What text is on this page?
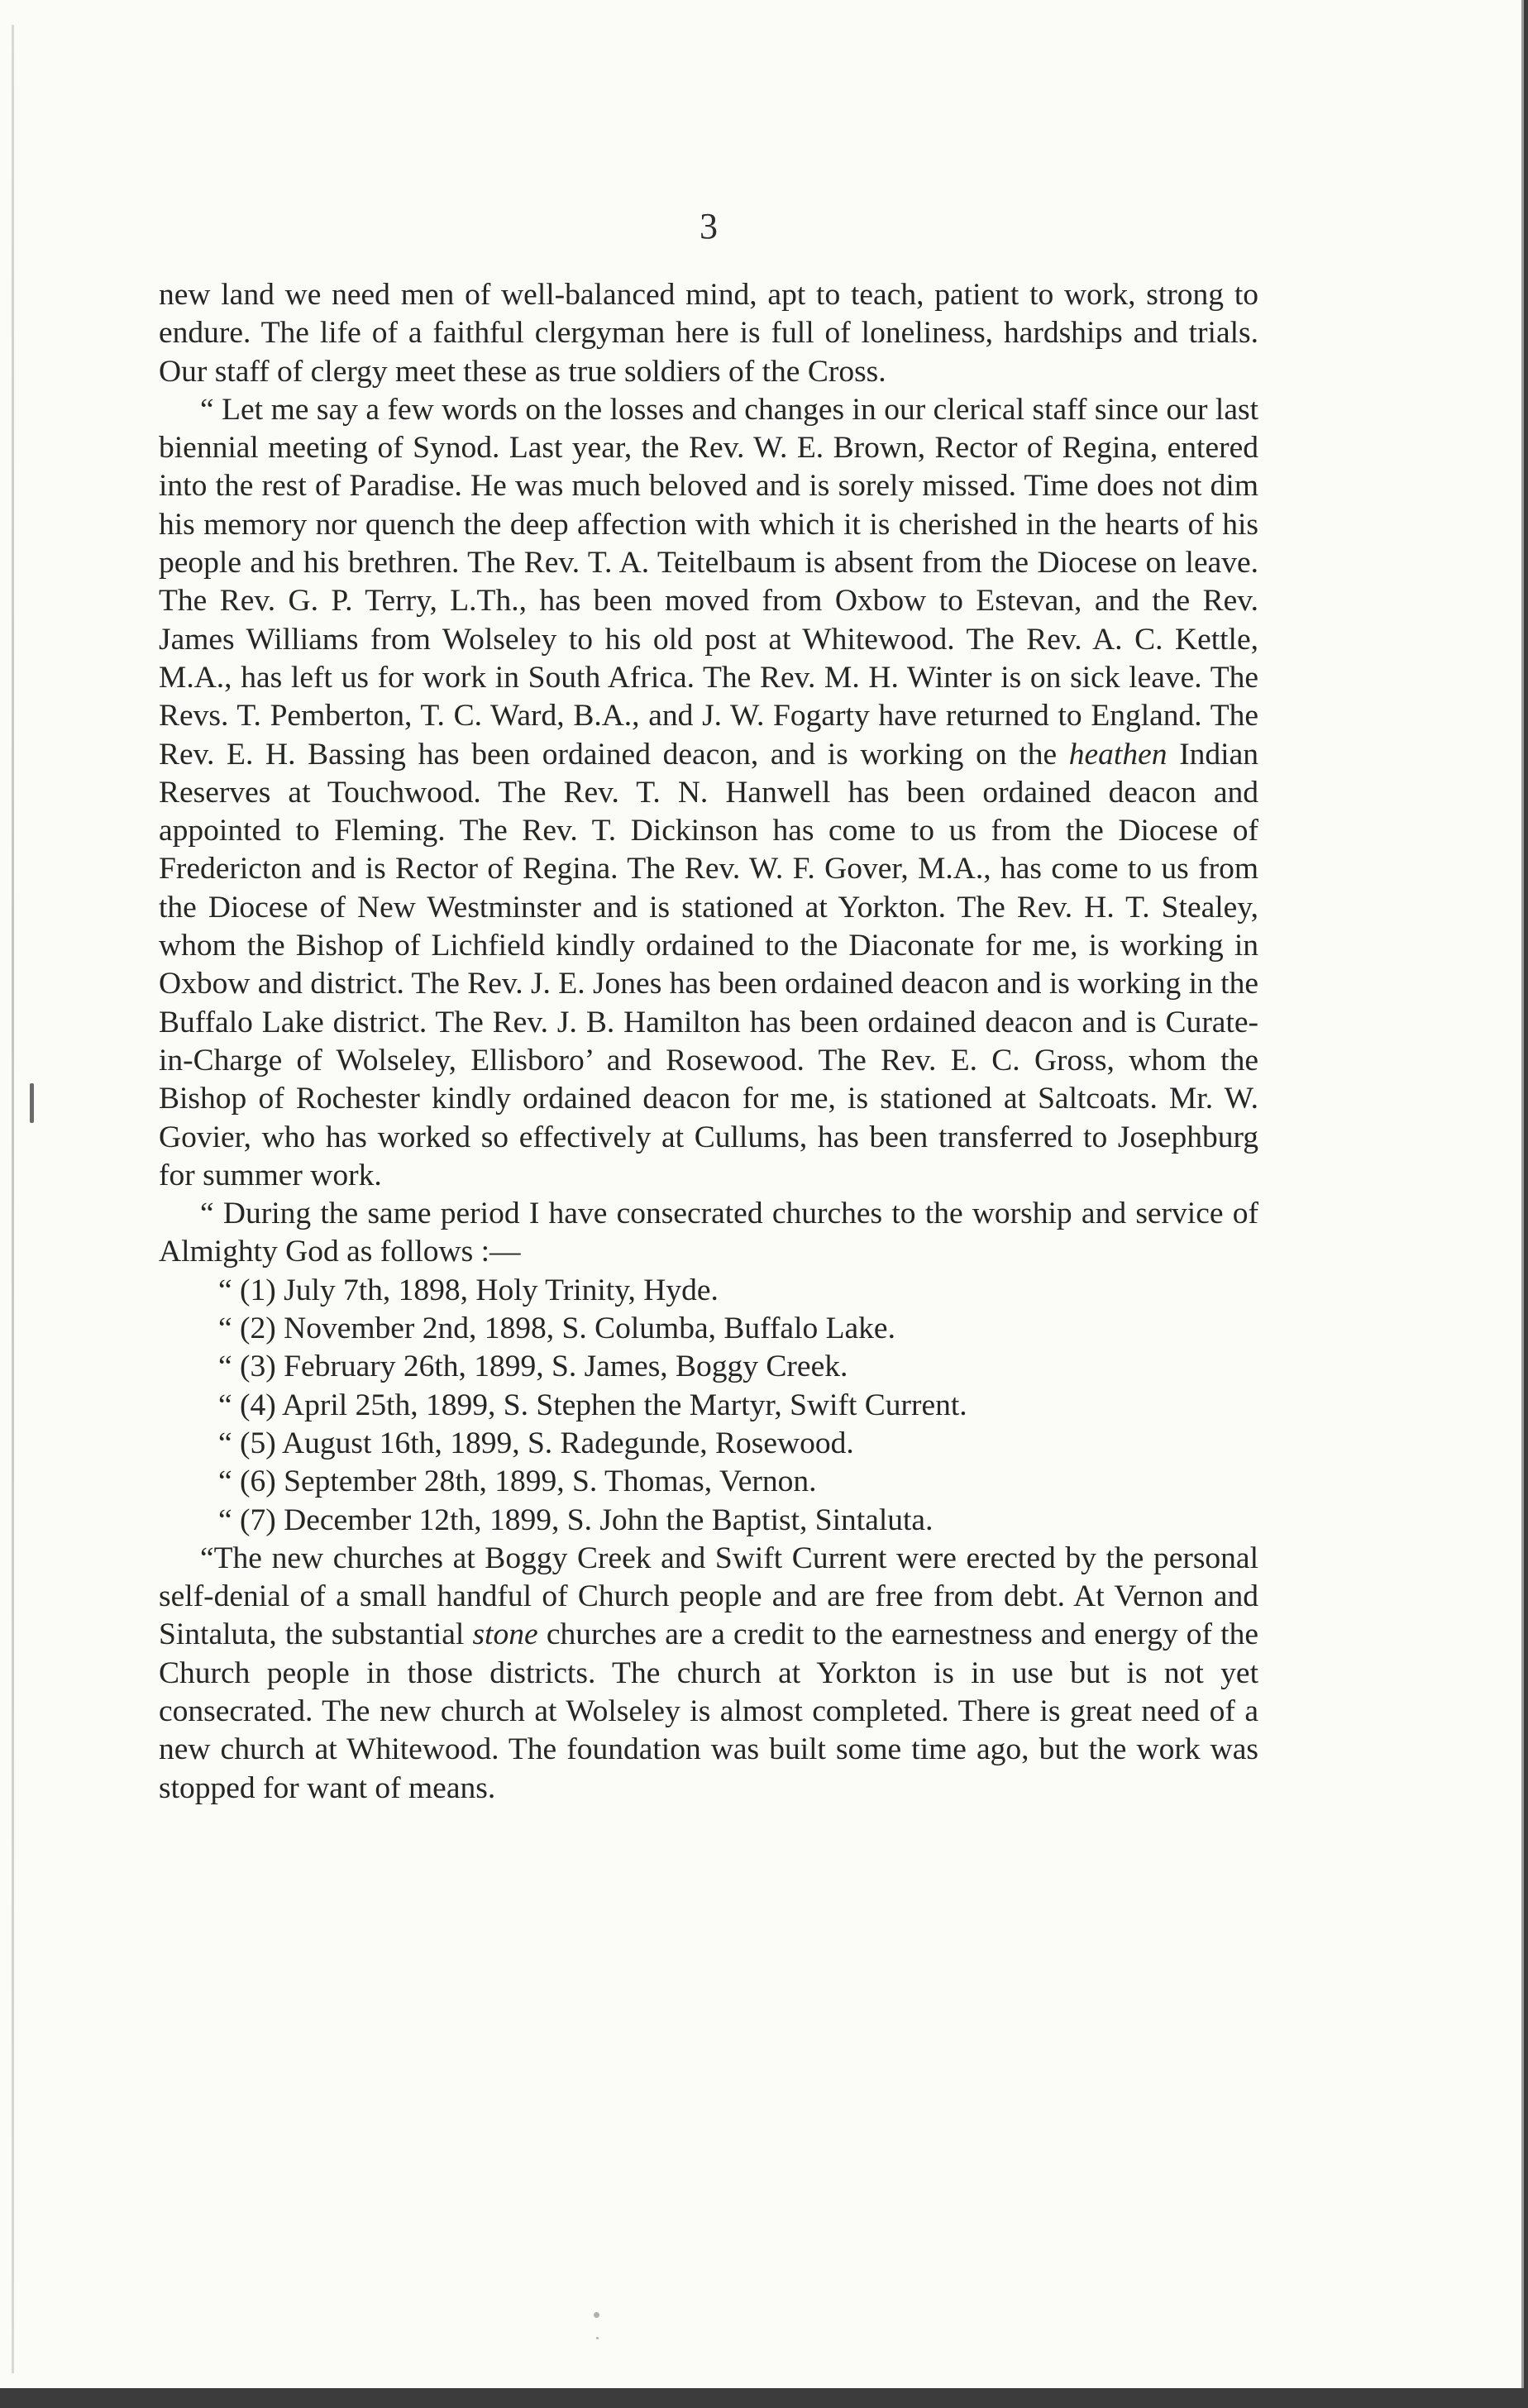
3

new land we need men of well-balanced mind, apt to teach, patient to work, strong to endure. The life of a faithful clergyman here is full of loneliness, hardships and trials. Our staff of clergy meet these as true soldiers of the Cross.

“ Let me say a few words on the losses and changes in our clerical staff since our last biennial meeting of Synod. Last year, the Rev. W. E. Brown, Rector of Regina, entered into the rest of Paradise. He was much beloved and is sorely missed. Time does not dim his memory nor quench the deep affection with which it is cherished in the hearts of his people and his brethren. The Rev. T. A. Teitelbaum is absent from the Diocese on leave. The Rev. G. P. Terry, L.Th., has been moved from Oxbow to Estevan, and the Rev. James Williams from Wolseley to his old post at Whitewood. The Rev. A. C. Kettle, M.A., has left us for work in South Africa. The Rev. M. H. Winter is on sick leave. The Revs. T. Pemberton, T. C. Ward, B.A., and J. W. Fogarty have returned to England. The Rev. E. H. Bassing has been ordained deacon, and is working on the heathen Indian Reserves at Touchwood. The Rev. T. N. Hanwell has been ordained deacon and appointed to Fleming. The Rev. T. Dickinson has come to us from the Diocese of Fredericton and is Rector of Regina. The Rev. W. F. Gover, M.A., has come to us from the Diocese of New Westminster and is stationed at Yorkton. The Rev. H. T. Stealey, whom the Bishop of Lichfield kindly ordained to the Diaconate for me, is working in Oxbow and district. The Rev. J. E. Jones has been ordained deacon and is working in the Buffalo Lake district. The Rev. J. B. Hamilton has been ordained deacon and is Curate-in-Charge of Wolseley, Ellisboro’ and Rosewood. The Rev. E. C. Gross, whom the Bishop of Rochester kindly ordained deacon for me, is stationed at Saltcoats. Mr. W. Govier, who has worked so effectively at Cullums, has been transferred to Josephburg for summer work.

“ During the same period I have consecrated churches to the worship and service of Almighty God as follows :—

“ (1) July 7th, 1898, Holy Trinity, Hyde.
“ (2) November 2nd, 1898, S. Columba, Buffalo Lake.
“ (3) February 26th, 1899, S. James, Boggy Creek.
“ (4) April 25th, 1899, S. Stephen the Martyr, Swift Current.
“ (5) August 16th, 1899, S. Radegunde, Rosewood.
“ (6) September 28th, 1899, S. Thomas, Vernon.
“ (7) December 12th, 1899, S. John the Baptist, Sintaluta.

“The new churches at Boggy Creek and Swift Current were erected by the personal self-denial of a small handful of Church people and are free from debt. At Vernon and Sintaluta, the substantial stone churches are a credit to the earnestness and energy of the Church people in those districts. The church at Yorkton is in use but is not yet consecrated. The new church at Wolseley is almost completed. There is great need of a new church at Whitewood. The foundation was built some time ago, but the work was stopped for want of means.
